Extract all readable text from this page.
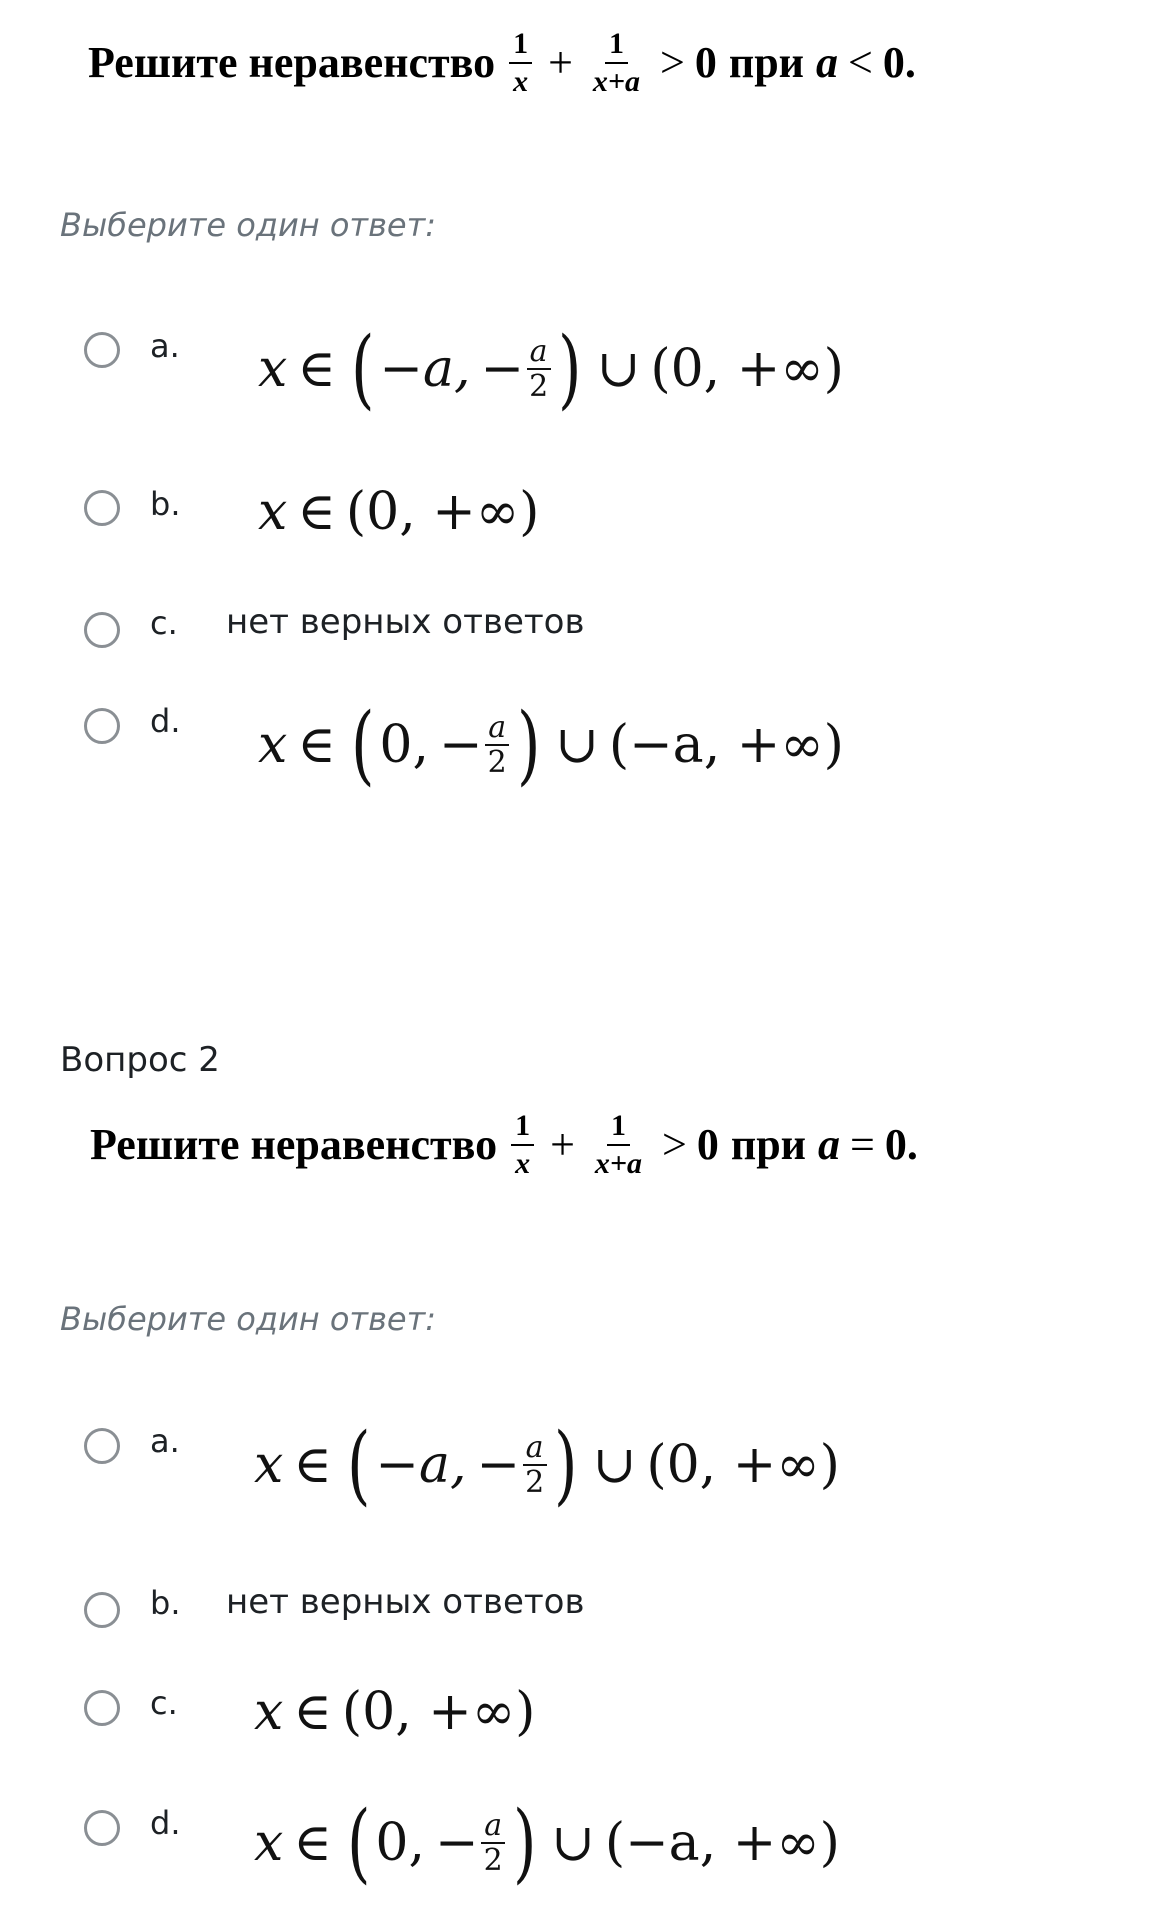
Решите неравенство $\frac{1}{x} + \frac{1}{x+a} > 0$ при a < 0.
Выберите один ответ:
a. x ∈ ( −a, − $\frac{a}{2}$ ) ∪ (0, +∞)
b. x ∈ (0, +∞)
c. нет верных ответов
d. x ∈ ( 0, − $\frac{a}{2}$ ) ∪ (−a, +∞)
Вопрос 2
Решите неравенство $\frac{1}{x} + \frac{1}{x+a} > 0$ при a = 0.
Выберите один ответ:
a. x ∈ ( −a, − $\frac{a}{2}$ ) ∪ (0, +∞)
b. нет верных ответов
c. x ∈ (0, +∞)
d. x ∈ ( 0, − $\frac{a}{2}$ ) ∪ (−a, +∞)
